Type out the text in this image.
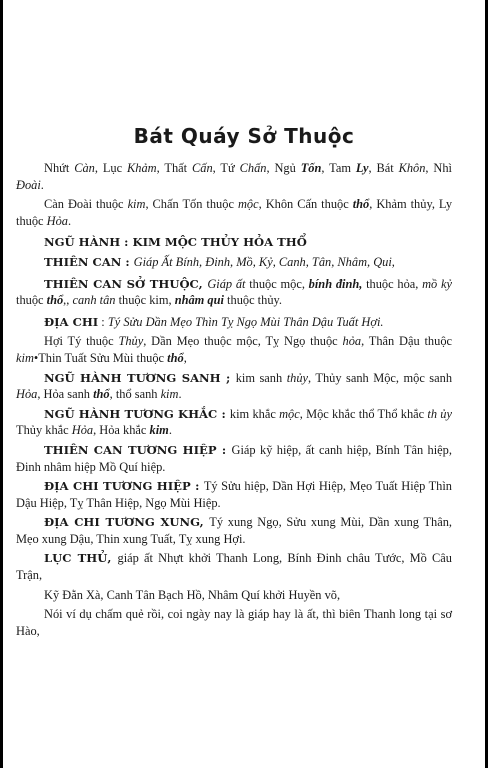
Bát Quáy Sở Thuộc

Nhứt Càn, Lục Khảm, Thất Cấn, Tứ Chấn, Ngủ Tốn, Tam Ly, Bát Khôn, Nhì Đoài.

Càn Đoài thuộc kim, Chấn Tốn thuộc mộc, Khôn Cấn thuộc thổ, Khảm thủy, Ly thuộc Hỏa.

NGŨ HÀNH : KIM MỘC THỦY HỎA THỔ

THIÊN CAN : Giáp Ất Bính, Đinh, Mồ, Kỷ, Canh, Tân, Nhâm, Qui,

THIÊN CAN SỞ THUỘC, Giáp ất thuộc mộc, bính đinh, thuộc hỏa, mồ kỷ thuộc thổ,, canh tân thuộc kim, nhâm qui thuộc thủy.

ĐỊA CHI : Tý Sửu Dần Mẹo Thìn Tỵ Ngọ Mùi Thân Dậu Tuất Hợi.

Hợi Tý thuộc Thủy, Dần Mẹo thuộc mộc, Tỵ Ngọ thuộc hỏa, Thân Dậu thuộc kim•Thin Tuất Sửu Mùi thuộc thổ,

NGŨ HÀNH TƯƠNG SANH ; kim sanh thủy, Thủy sanh Mộc, mộc sanh Hỏa, Hỏa sanh thổ, thổ sanh kim.

NGŨ HÀNH TƯƠNG KHẮC : kim khắc mộc, Mộc khắc thổ Thổ khắc th ủy Thủy khắc Hỏa, Hỏa khắc kim.

THIÊN CAN TƯƠNG HIỆP : Giáp kỹ hiệp, ất canh hiệp, Bính Tân hiệp, Đinh nhâm hiệp Mồ Quí hiệp.

ĐỊA CHI TƯƠNG HIỆP : Tý Sửu hiệp, Dần Hợi Hiệp, Mẹo Tuất Hiệp Thìn Dậu Hiệp, Tỵ Thân Hiệp, Ngọ Mùi Hiệp.

ĐỊA CHI TƯƠNG XUNG, Tý xung Ngọ, Sửu xung Mùi, Dần xung Thân, Mẹo xung Dậu, Thin xung Tuất, Tỵ xung Hợi.

LỤC THỦ, giáp ất Nhựt khởi Thanh Long, Bính Đinh châu Tước, Mồ Câu Trận,

Kỹ Đằn Xà, Canh Tân Bạch Hồ, Nhâm Quí khởi Huyền võ,

Nói ví dụ chấm quẻ rồi, coi ngày nay là giáp hay là ất, thì biên Thanh long tại sơ Hào,
